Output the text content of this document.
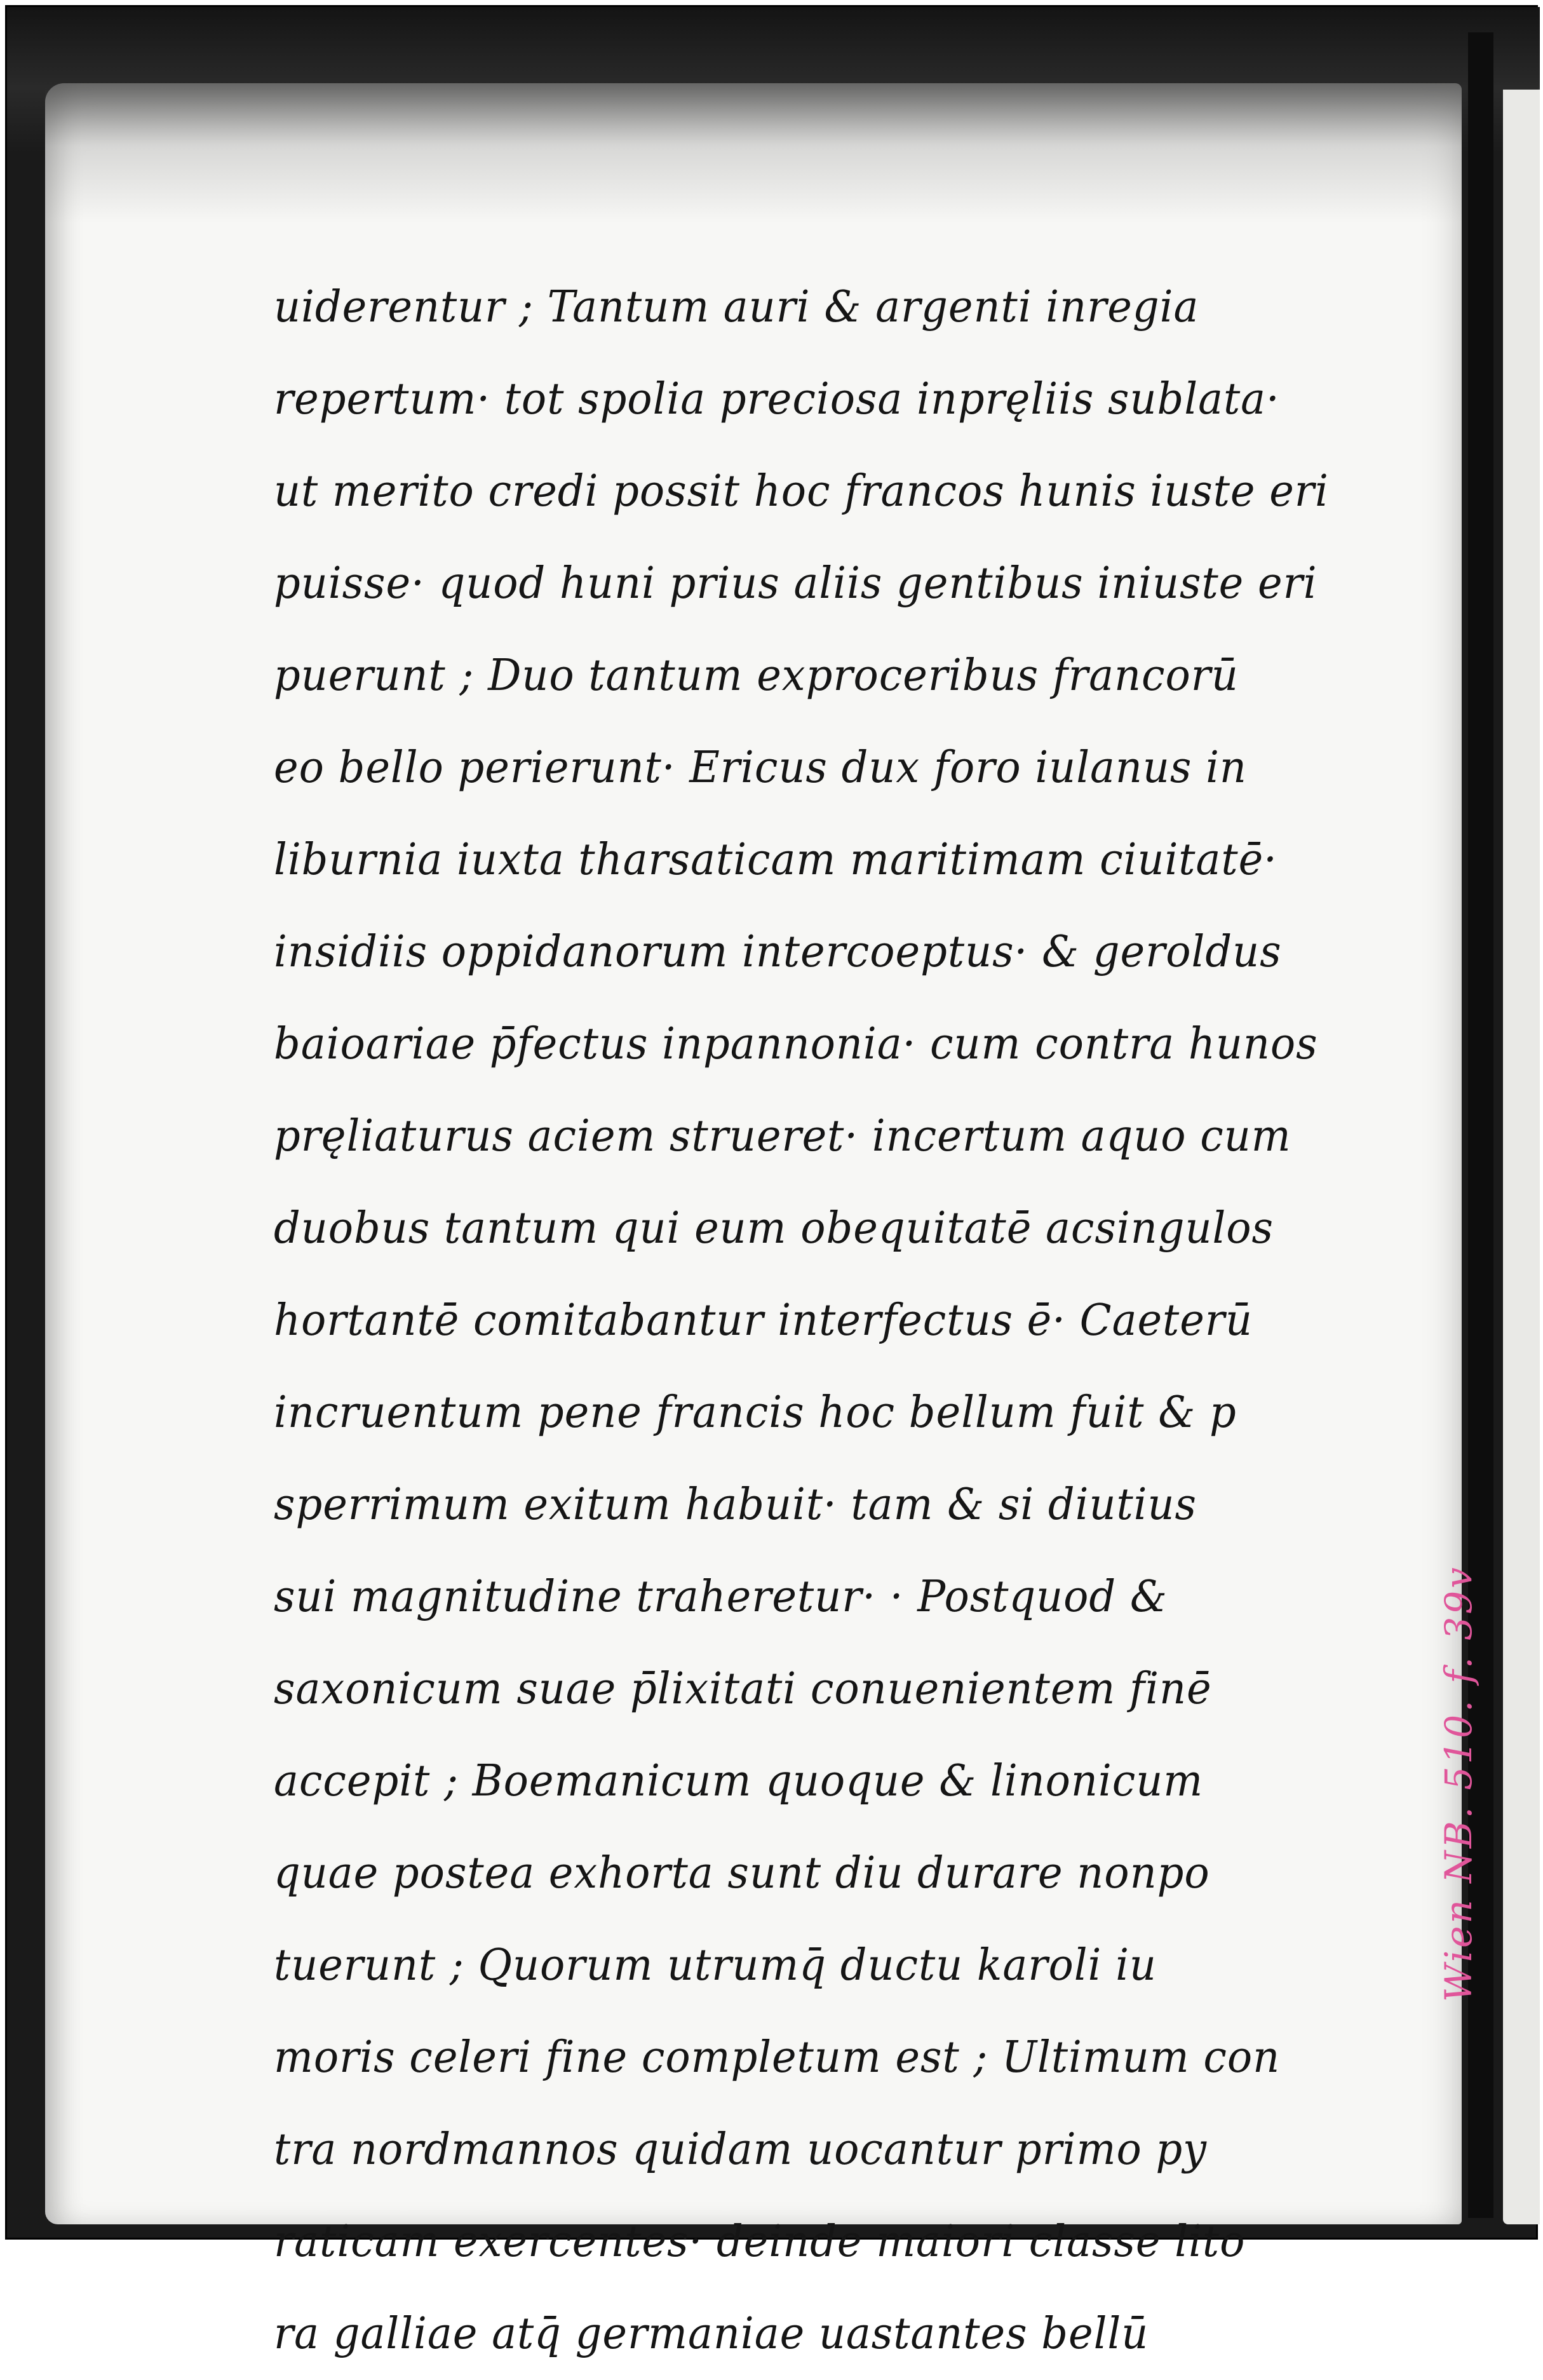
uiderentur ; Tantum auri & argenti inregia
repertum· tot spolia preciosa inpręliis sublata·
ut merito credi possit hoc francos hunis iuste eri
puisse· quod huni prius aliis gentibus iniuste eri
puerunt ; Duo tantum exproceribus francorū
eo bello perierunt· Ericus dux foro iulanus in
liburnia iuxta tharsaticam maritimam ciuitatē·
insidiis oppidanorum intercoeptus· & geroldus
baioariae p̄fectus inpannonia· cum contra hunos
pręliaturus aciem strueret· incertum aquo cum
duobus tantum qui eum obequitatē acsingulos
hortantē comitabantur interfectus ē· Caeterū
incruentum pene francis hoc bellum fuit & p
sperrimum exitum habuit· tam & si diutius
sui magnitudine traheretur· · Postquod &
saxonicum suae p̄lixitati conuenientem finē
accepit ; Boemanicum quoque & linonicum
quae postea exhorta sunt diu durare nonpo
tuerunt ; Quorum utrumq̄ ductu karoli iu
moris celeri fine completum est ; Ultimum con
tra nordmannos quidam uocantur primo py
raticam exercentes· deinde maiori classe lito
ra galliae atq̄ germaniae uastantes bellū
Wien NB. 510. f. 39v
